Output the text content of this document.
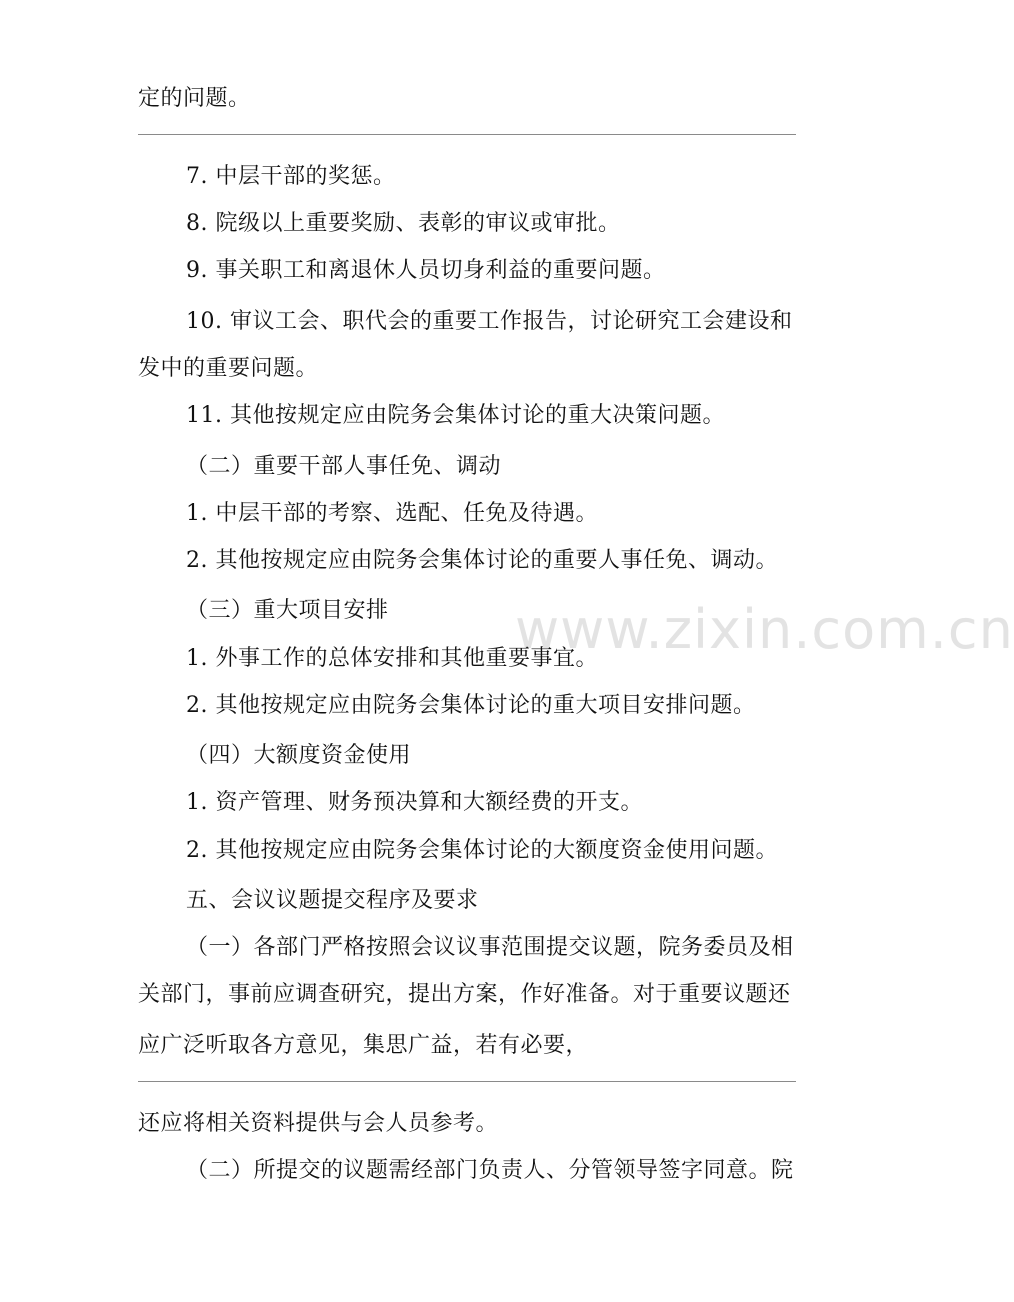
www.zixin.com.cn
定的问题。
7. 中层干部的奖惩。
8. 院级以上重要奖励、表彰的审议或审批。
9. 事关职工和离退休人员切身利益的重要问题。
10. 审议工会、职代会的重要工作报告，讨论研究工会建设和
发中的重要问题。
11. 其他按规定应由院务会集体讨论的重大决策问题。
（二）重要干部人事任免、调动
1. 中层干部的考察、选配、任免及待遇。
2. 其他按规定应由院务会集体讨论的重要人事任免、调动。
（三）重大项目安排
1. 外事工作的总体安排和其他重要事宜。
2. 其他按规定应由院务会集体讨论的重大项目安排问题。
（四）大额度资金使用
1. 资产管理、财务预决算和大额经费的开支。
2. 其他按规定应由院务会集体讨论的大额度资金使用问题。
五、会议议题提交程序及要求
（一）各部门严格按照会议议事范围提交议题，院务委员及相
关部门，事前应调查研究，提出方案，作好准备。对于重要议题还
应广泛听取各方意见，集思广益，若有必要，
还应将相关资料提供与会人员参考。
（二）所提交的议题需经部门负责人、分管领导签字同意。院
